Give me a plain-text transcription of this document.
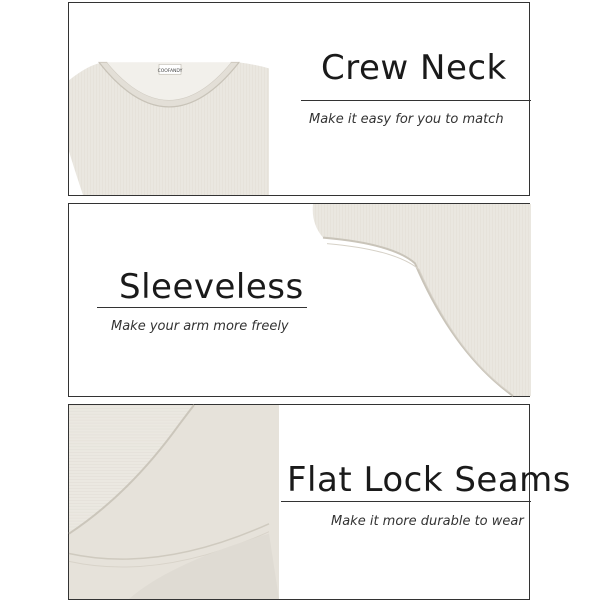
COOFANDY	Crew Neck
Make it easy for you to match
Sleeveless
Make your arm more freely
Flat Lock Seams
Make it more durable to wear
